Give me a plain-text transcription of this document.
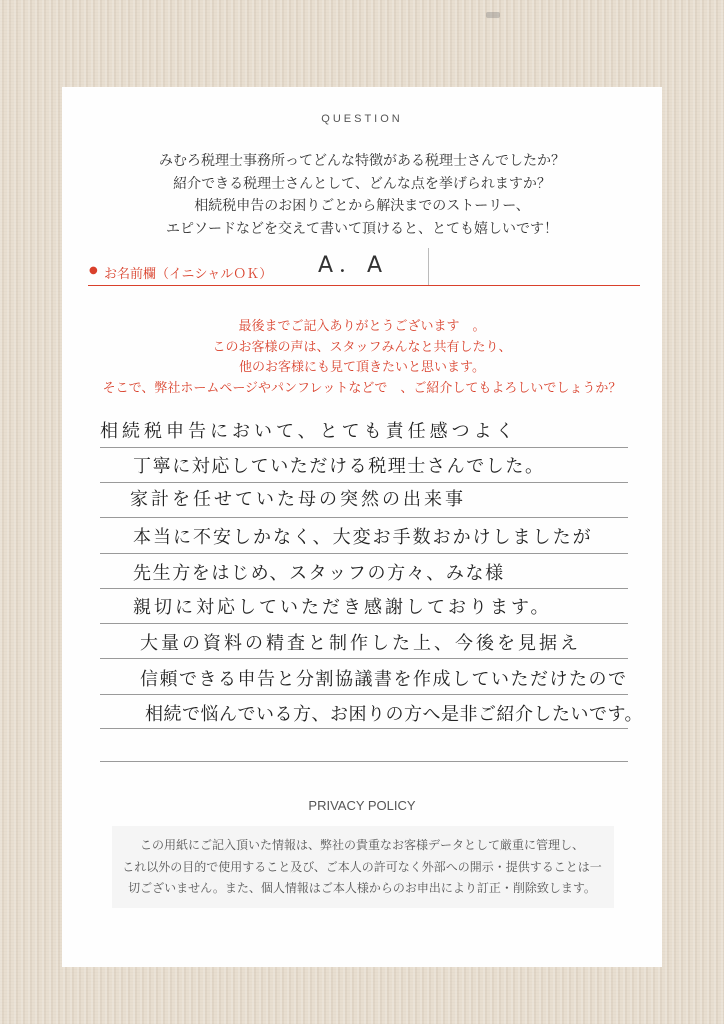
QUESTION
みむろ税理士事務所ってどんな特徴がある税理士さんでしたか？
紹介できる税理士さんとして、どんな点を挙げられますか？
相続税申告のお困りごとから解決までのストーリー、
エピソードなどを交えて書いて頂けると、とても嬉しいです！
● お名前欄（イニシャルＯＫ） A．A
最後までご記入ありがとうございます　。
このお客様の声は、スタッフみんなと共有したり、
他のお客様にも見て頂きたいと思います。
そこで、弊社ホームページやパンフレットなどで　、ご紹介してもよろしいでしょうか？
相続税申告において、とても責任感つよく
丁寧に対応していただける税理士さんでした。
家計を任せていた母の突然の出来事
本当に不安しかなく、大変お手数おかけしましたが
先生方をはじめ、スタッフの方々、みな様
親切に対応していただき感謝しております。
大量の資料の精査と制作した上、今後を見据え
信頼できる申告と分割協議書を作成していただけたので
相続で悩んでいる方、お困りの方へ是非ご紹介したいです。
PRIVACY POLICY
この用紙にご記入頂いた情報は、弊社の貴重なお客様データとして厳重に管理し、
これ以外の目的で使用すること及び、ご本人の許可なく外部への開示・提供することは一
切ございません。また、個人情報はご本人様からのお申出により訂正・削除致します。
